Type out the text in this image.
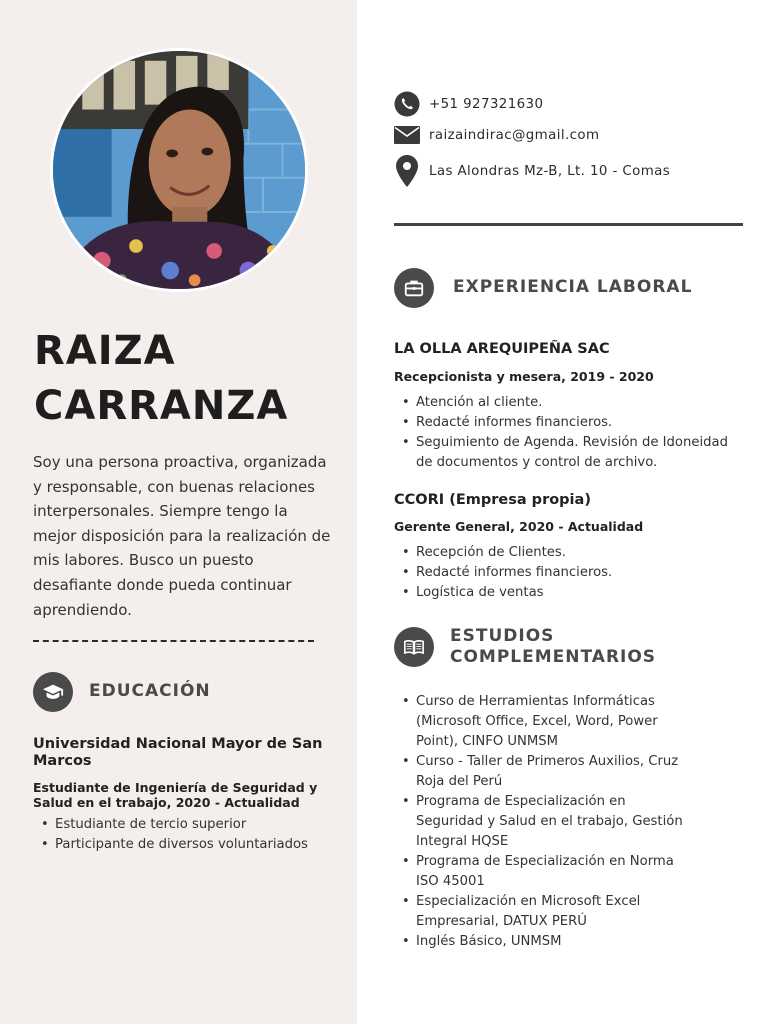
RAIZA
CARRANZA

Soy una persona proactiva, organizada y responsable, con buenas relaciones interpersonales. Siempre tengo la mejor disposición para la realización de mis labores. Busco un puesto desafiante donde pueda continuar aprendiendo.

EDUCACIÓN
Universidad Nacional Mayor de San Marcos
Estudiante de Ingeniería de Seguridad y Salud en el trabajo, 2020 - Actualidad
• Estudiante de tercio superior
• Participante de diversos voluntariados
+51 927321630
raizaindirac@gmail.com
Las Alondras Mz-B, Lt. 10 - Comas
EXPERIENCIA LABORAL
LA OLLA AREQUIPEÑA SAC
Recepcionista y mesera, 2019 - 2020
• Atención al cliente.
• Redacté informes financieros.
• Seguimiento de Agenda. Revisión de Idoneidad de documentos y control de archivo.
CCORI (Empresa propia)
Gerente General, 2020 - Actualidad
• Recepción de Clientes.
• Redacté informes financieros.
• Logística de ventas
ESTUDIOS
COMPLEMENTARIOS
• Curso de Herramientas Informáticas (Microsoft Office, Excel, Word, Power Point), CINFO UNMSM
• Curso - Taller de Primeros Auxilios, Cruz Roja del Perú
• Programa de Especialización en Seguridad y Salud en el trabajo, Gestión Integral HQSE
• Programa de Especialización en Norma ISO 45001
• Especialización en Microsoft Excel Empresarial, DATUX PERÚ
• Inglés Básico, UNMSM
